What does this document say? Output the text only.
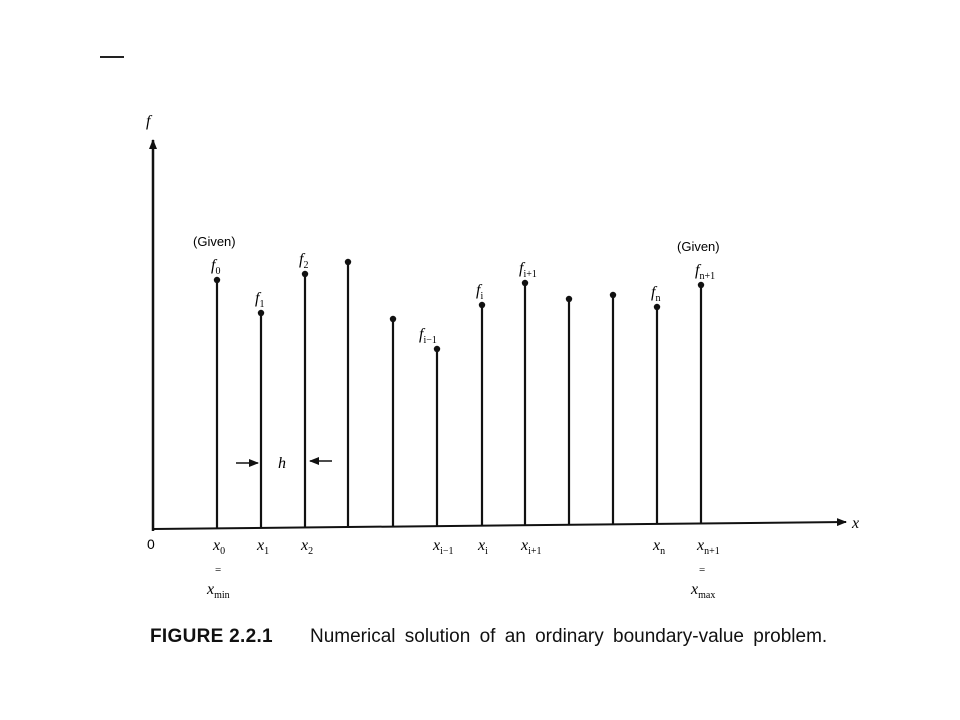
f
x
0
$f_0$
(Given)
$x_0$
=
$x_{min}$
$f_1$
$x_1$
$f_2$
$x_2$
$f_{i-1}$
$x_{i-1}$
$f_i$
$x_i$
$f_{i+1}$
$x_{i+1}$
$f_n$
$x_n$
$f_{n+1}$
(Given)
$x_{n+1}$
=
$x_{max}$
h
FIGURE 2.2.1 Numerical solution of an ordinary boundary-value problem.
